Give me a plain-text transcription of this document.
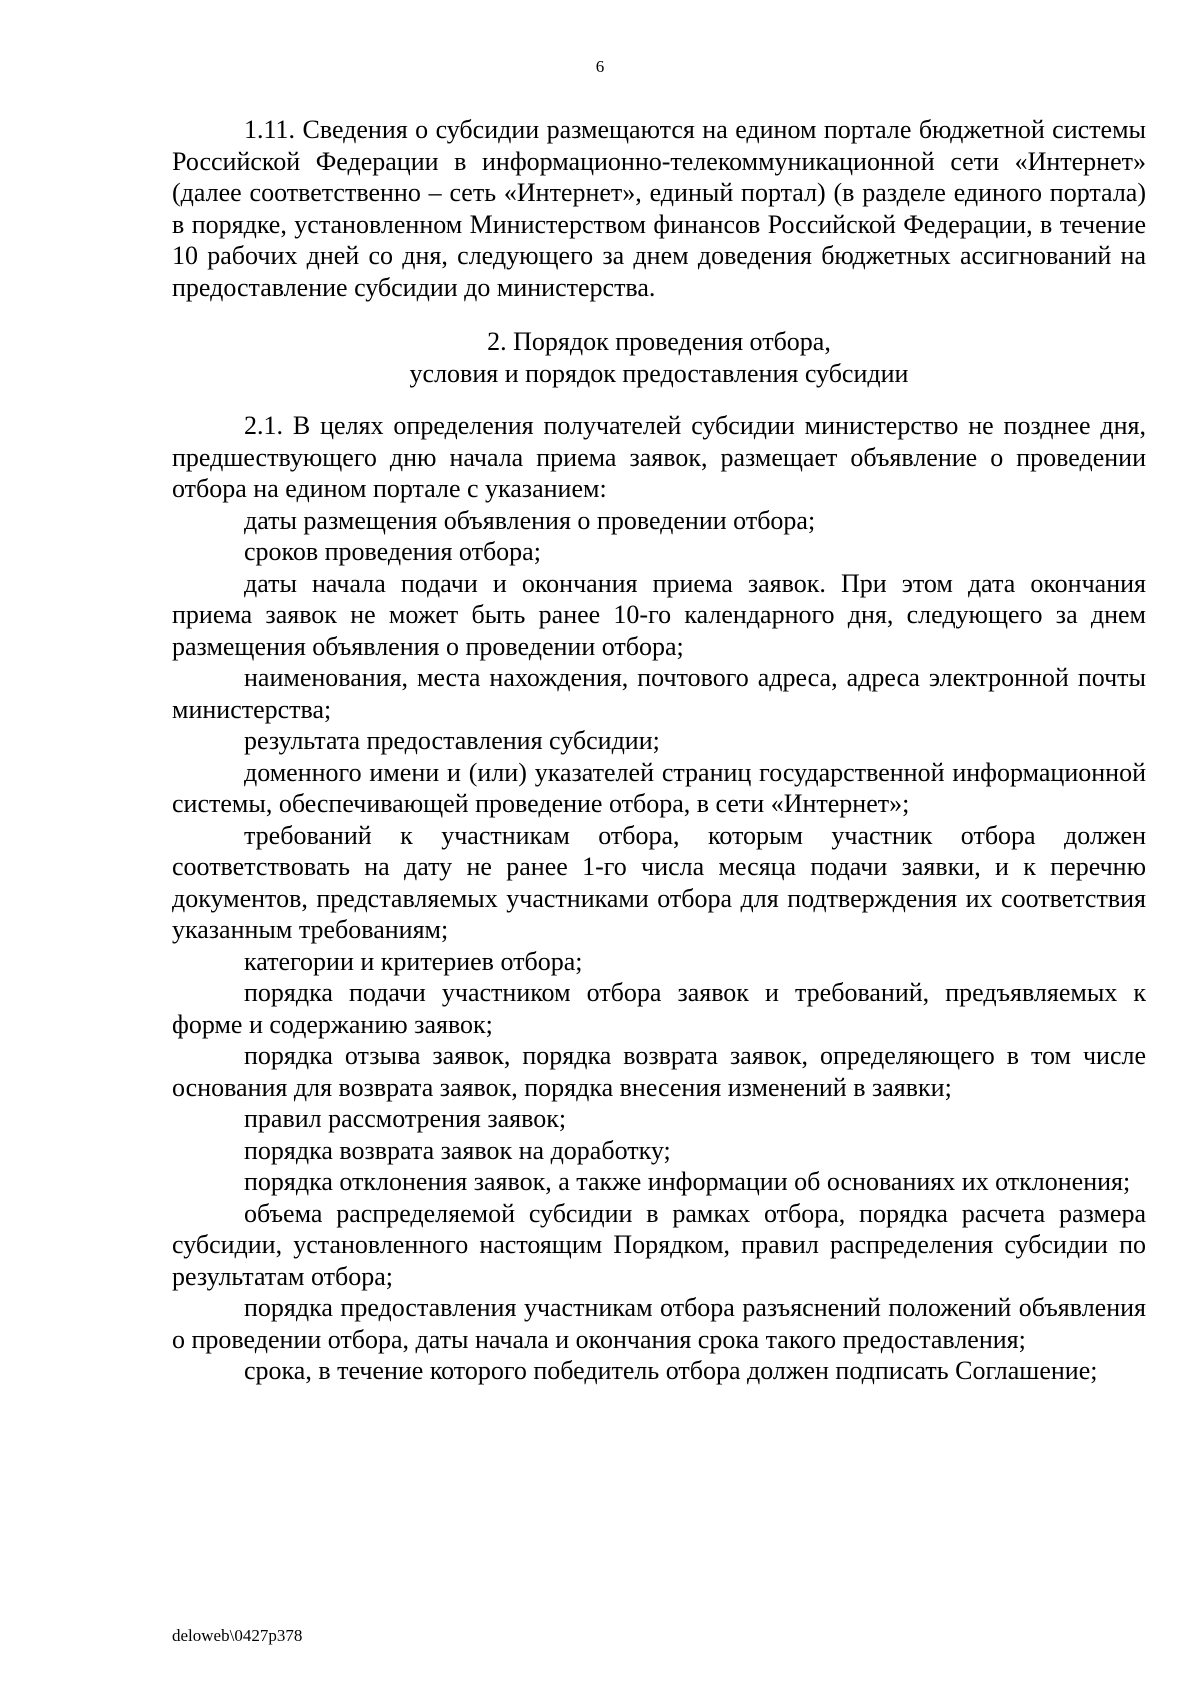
6

1.11. Сведения о субсидии размещаются на едином портале бюджетной системы Российской Федерации в информационно-телекоммуникационной сети «Интернет» (далее соответственно – сеть «Интернет», единый портал) (в разделе единого портала) в порядке, установленном Министерством финансов Российской Федерации, в течение 10 рабочих дней со дня, следующего за днем доведения бюджетных ассигнований на предоставление субсидии до министерства.

2. Порядок проведения отбора,
условия и порядок предоставления субсидии

2.1. В целях определения получателей субсидии министерство не позднее дня, предшествующего дню начала приема заявок, размещает объявление о проведении отбора на едином портале с указанием:

даты размещения объявления о проведении отбора;

сроков проведения отбора;

даты начала подачи и окончания приема заявок. При этом дата окончания приема заявок не может быть ранее 10-го календарного дня, следующего за днем размещения объявления о проведении отбора;

наименования, места нахождения, почтового адреса, адреса электронной почты министерства;

результата предоставления субсидии;

доменного имени и (или) указателей страниц государственной информационной системы, обеспечивающей проведение отбора, в сети «Интернет»;

требований к участникам отбора, которым участник отбора должен соответствовать на дату не ранее 1-го числа месяца подачи заявки, и к перечню документов, представляемых участниками отбора для подтверждения их соответствия указанным требованиям;

категории и критериев отбора;

порядка подачи участником отбора заявок и требований, предъявляемых к форме и содержанию заявок;

порядка отзыва заявок, порядка возврата заявок, определяющего в том числе основания для возврата заявок, порядка внесения изменений в заявки;

правил рассмотрения заявок;

порядка возврата заявок на доработку;

порядка отклонения заявок, а также информации об основаниях их отклонения;

объема распределяемой субсидии в рамках отбора, порядка расчета размера субсидии, установленного настоящим Порядком, правил распределения субсидии по результатам отбора;

порядка предоставления участникам отбора разъяснений положений объявления о проведении отбора, даты начала и окончания срока такого предоставления;

срока, в течение которого победитель отбора должен подписать Соглашение;

deloweb\0427p378
